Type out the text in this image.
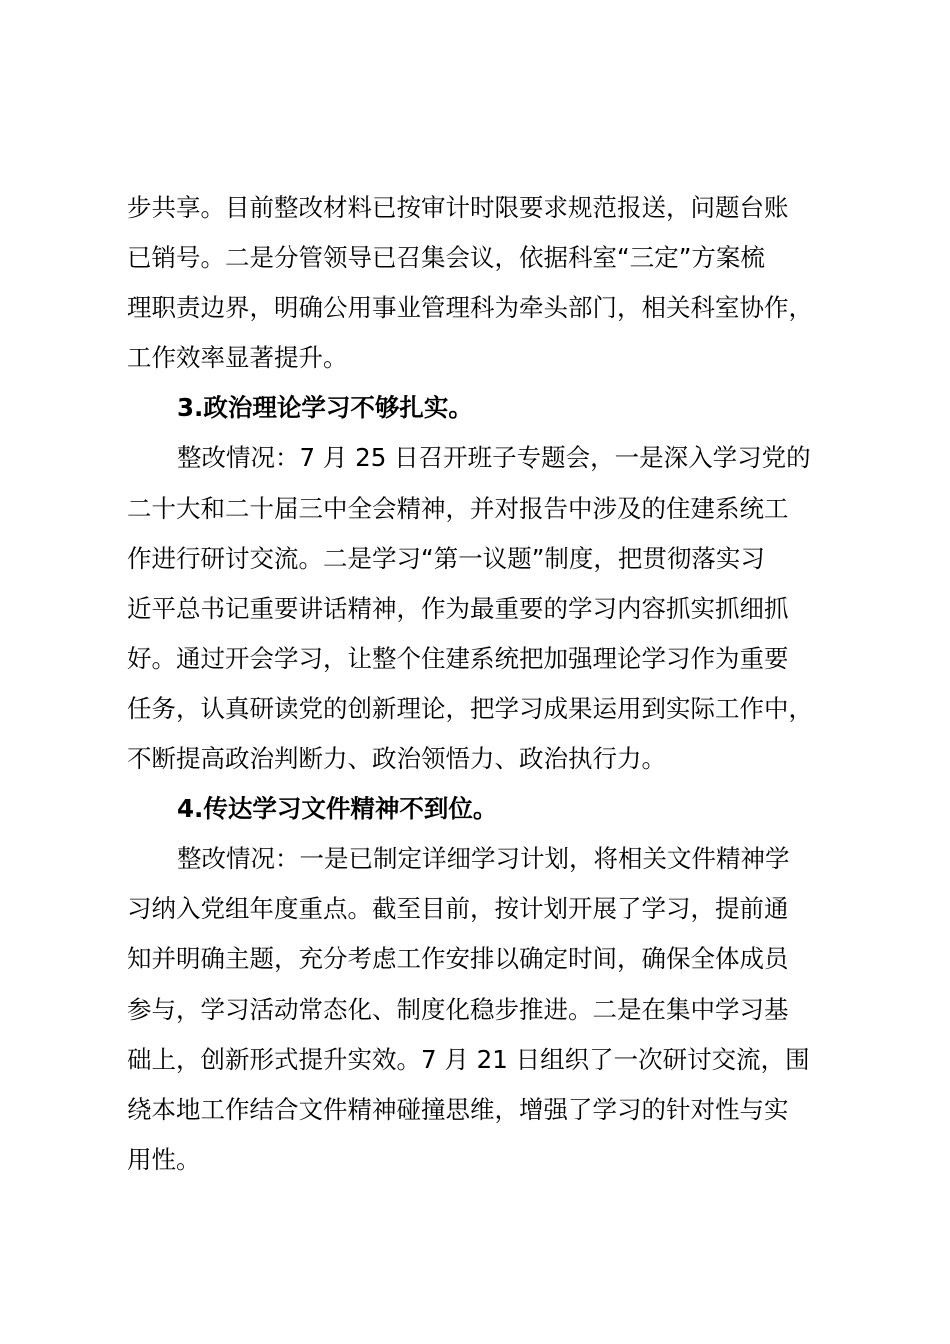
步共享。目前整改材料已按审计时限要求规范报送，问题台账
已销号。二是分管领导已召集会议，依据科室“三定”方案梳
理职责边界，明确公用事业管理科为牵头部门，相关科室协作，
工作效率显著提升。
3.政治理论学习不够扎实。
整改情况：7 月 25 日召开班子专题会，一是深入学习党的
二十大和二十届三中全会精神，并对报告中涉及的住建系统工
作进行研讨交流。二是学习“第一议题”制度，把贯彻落实习
近平总书记重要讲话精神，作为最重要的学习内容抓实抓细抓
好。通过开会学习，让整个住建系统把加强理论学习作为重要
任务，认真研读党的创新理论，把学习成果运用到实际工作中，
不断提高政治判断力、政治领悟力、政治执行力。
4.传达学习文件精神不到位。
整改情况：一是已制定详细学习计划，将相关文件精神学
习纳入党组年度重点。截至目前，按计划开展了学习，提前通
知并明确主题，充分考虑工作安排以确定时间，确保全体成员
参与，学习活动常态化、制度化稳步推进。二是在集中学习基
础上，创新形式提升实效。7 月 21 日组织了一次研讨交流，围
绕本地工作结合文件精神碰撞思维，增强了学习的针对性与实
用性。
